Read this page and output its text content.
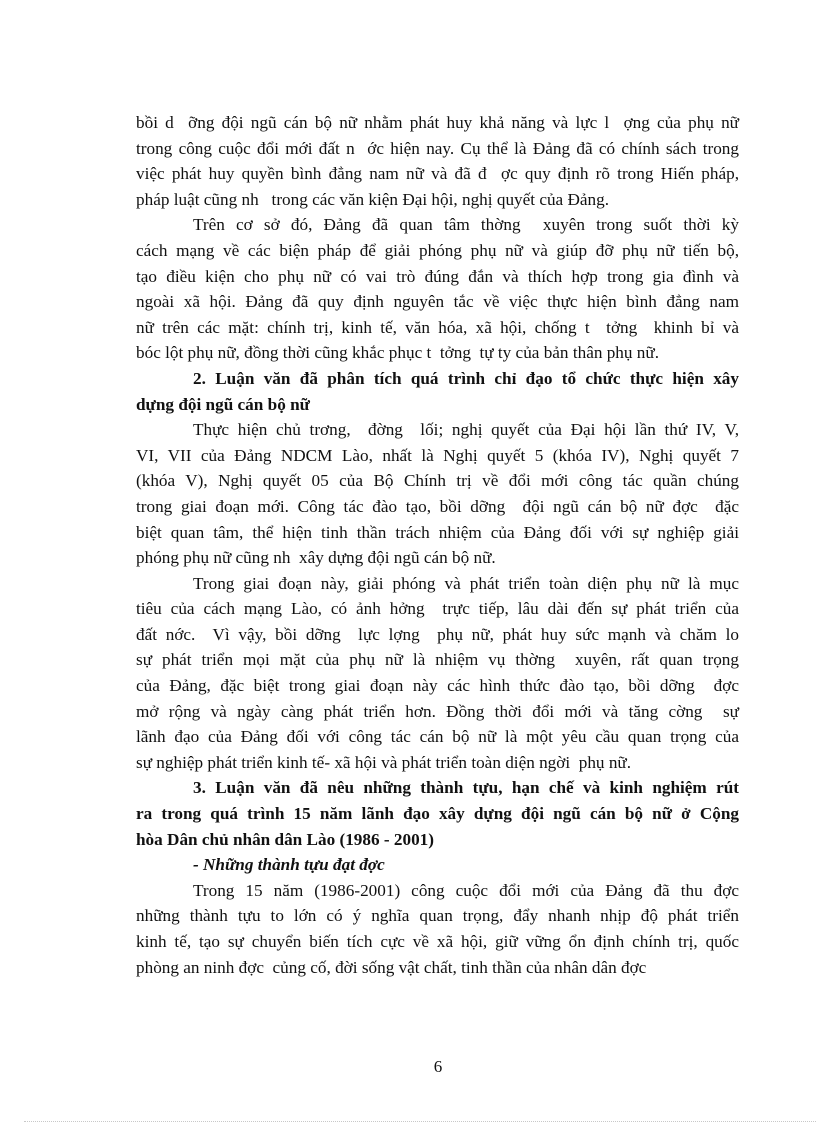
bồi d  ỡng đội ngũ cán bộ nữ nhằm phát huy khả năng và lực l  ợng của phụ nữ
trong công cuộc đổi mới đất n  ớc hiện nay. Cụ thể là Đảng đã có chính sách trong
việc phát huy quyền bình đẳng nam nữ và đã đ  ợc quy định rõ trong Hiến pháp,
pháp luật cũng nh   trong các văn kiện Đại hội, nghị quyết của Đảng.
Trên cơ sở đó, Đảng đã quan tâm thờng  xuyên trong suốt thời kỳ
cách mạng về các biện pháp để giải phóng phụ nữ và giúp đỡ phụ nữ tiến bộ,
tạo điều kiện cho phụ nữ có vai trò đúng đắn và thích hợp trong gia đình và
ngoài xã hội. Đảng đã quy định nguyên tắc về việc thực hiện bình đẳng nam
nữ trên các mặt: chính trị, kinh tế, văn hóa, xã hội, chống t  tởng  khinh bỉ và
bóc lột phụ nữ, đồng thời cũng khắc phục t  tởng  tự ty của bản thân phụ nữ.
2. Luận văn đã phân tích quá trình chỉ đạo tổ chức thực hiện xây
dựng đội ngũ cán bộ nữ
Thực hiện chủ trơng,  đờng  lối; nghị quyết của Đại hội lần thứ IV, V,
VI, VII của Đảng NDCM Lào, nhất là Nghị quyết 5 (khóa IV), Nghị quyết 7
(khóa V), Nghị quyết 05 của Bộ Chính trị về đổi mới công tác quần chúng
trong giai đoạn mới. Công tác đào tạo, bồi dỡng  đội ngũ cán bộ nữ đợc  đặc
biệt quan tâm, thể hiện tinh thần trách nhiệm của Đảng đối với sự nghiệp giải
phóng phụ nữ cũng nh  xây dựng đội ngũ cán bộ nữ.
Trong giai đoạn này, giải phóng và phát triển toàn diện phụ nữ là mục
tiêu của cách mạng Lào, có ảnh hởng  trực tiếp, lâu dài đến sự phát triển của
đất nớc.  Vì vậy, bồi dỡng  lực lợng  phụ nữ, phát huy sức mạnh và chăm lo
sự phát triển mọi mặt của phụ nữ là nhiệm vụ thờng  xuyên, rất quan trọng
của Đảng, đặc biệt trong giai đoạn này các hình thức đào tạo, bồi dỡng  đợc
mở rộng và ngày càng phát triển hơn. Đồng thời đổi mới và tăng cờng  sự
lãnh đạo của Đảng đối với công tác cán bộ nữ là một yêu cầu quan trọng của
sự nghiệp phát triển kinh tế- xã hội và phát triển toàn diện ngời  phụ nữ.
3. Luận văn đã nêu những thành tựu, hạn chế và kinh nghiệm rút
ra trong quá trình 15 năm lãnh đạo xây dựng đội ngũ cán bộ nữ ở Cộng
hòa Dân chủ nhân dân Lào (1986 - 2001)
- Những thành tựu đạt đợc
Trong 15 năm (1986-2001) công cuộc đổi mới của Đảng đã thu đợc
những thành tựu to lớn có ý nghĩa quan trọng, đẩy nhanh nhịp độ phát triển
kinh tế, tạo sự chuyển biến tích cực về xã hội, giữ vững ổn định chính trị, quốc
phòng an ninh đợc  củng cố, đời sống vật chất, tinh thần của nhân dân đợc
6
